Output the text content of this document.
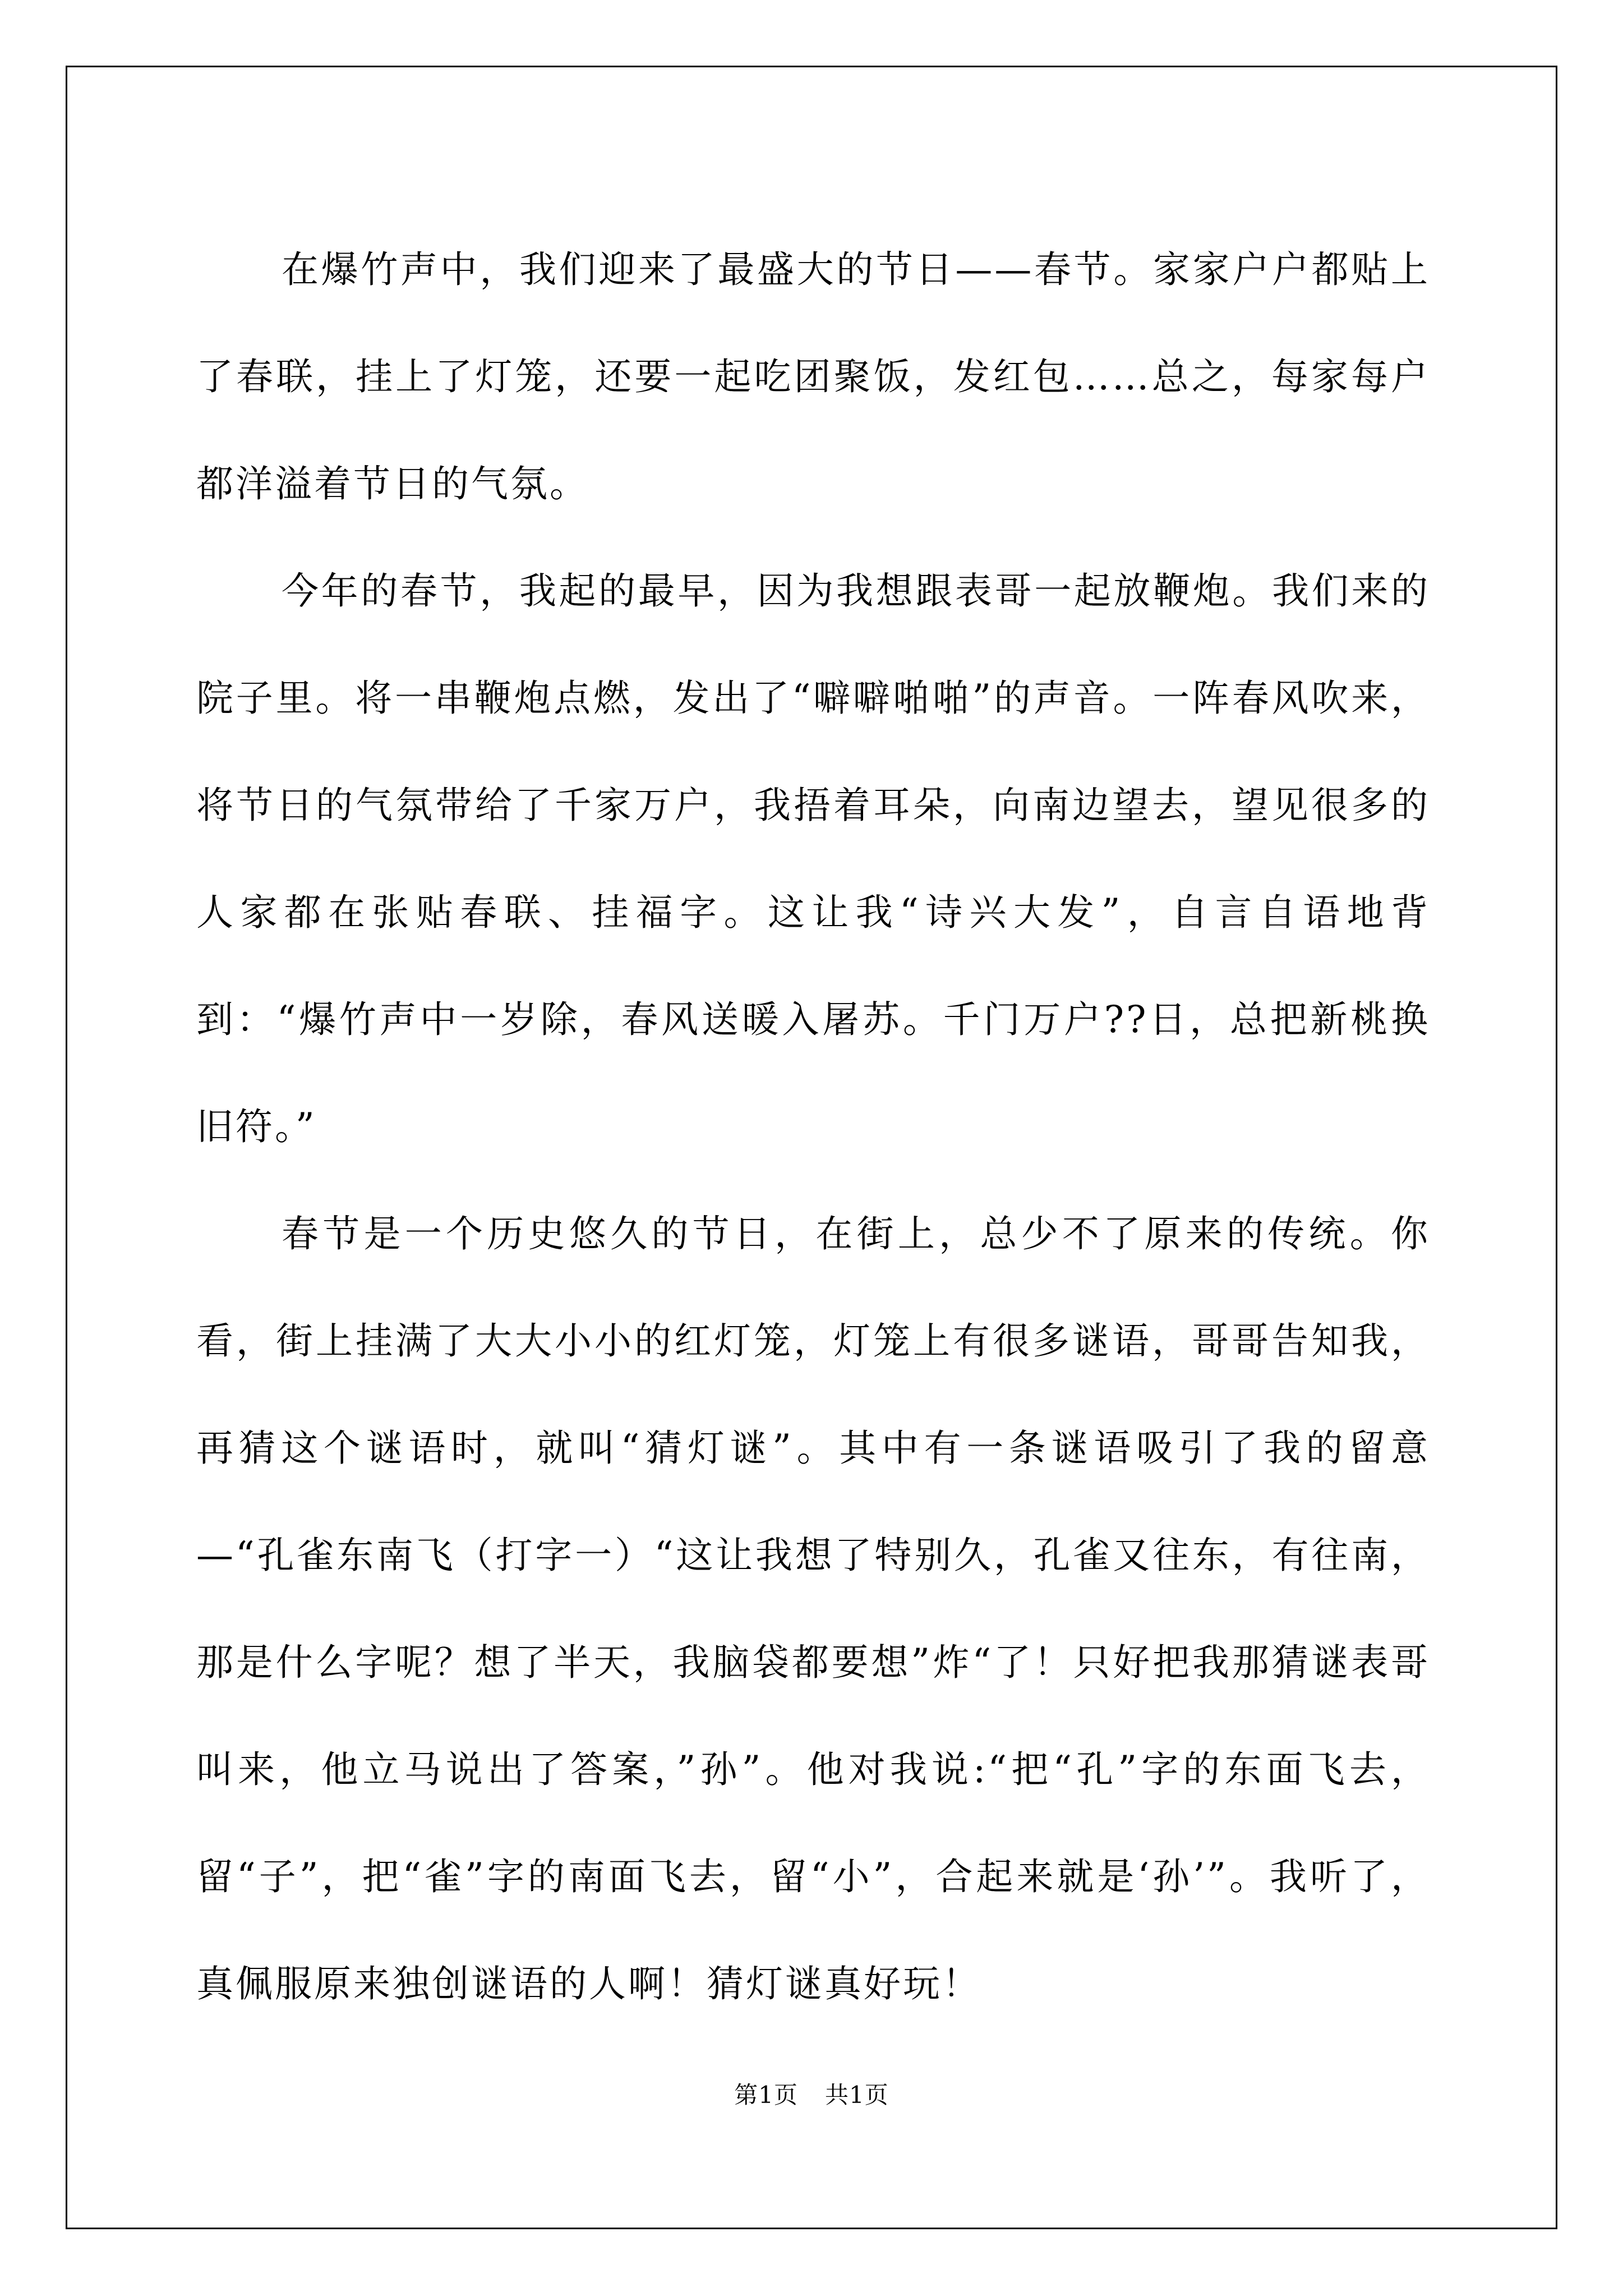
在爆竹声中，我们迎来了最盛大的节日——春节。家家户户都贴上了春联，挂上了灯笼，还要一起吃团聚饭，发红包……总之，每家每户都洋溢着节日的气氛。

今年的春节，我起的最早，因为我想跟表哥一起放鞭炮。我们来的院子里。将一串鞭炮点燃，发出了“噼噼啪啪”的声音。一阵春风吹来，将节日的气氛带给了千家万户，我捂着耳朵，向南边望去，望见很多的人家都在张贴春联、挂福字。这让我“诗兴大发”，自言自语地背到：“爆竹声中一岁除，春风送暖入屠苏。千门万户??日，总把新桃换旧符。”

春节是一个历史悠久的节日，在街上，总少不了原来的传统。你看，街上挂满了大大小小的红灯笼，灯笼上有很多谜语，哥哥告知我，再猜这个谜语时，就叫“猜灯谜”。其中有一条谜语吸引了我的留意—“孔雀东南飞（打字一）“这让我想了特别久，孔雀又往东，有往南，那是什么字呢？想了半天，我脑袋都要想”炸“了！只好把我那猜谜表哥叫来，他立马说出了答案，”孙”。他对我说:“把“孔”字的东面飞去，留“子”，把“雀”字的南面飞去，留“小”，合起来就是‘孙’”。我听了，真佩服原来独创谜语的人啊！猜灯谜真好玩！

第1页 共1页
